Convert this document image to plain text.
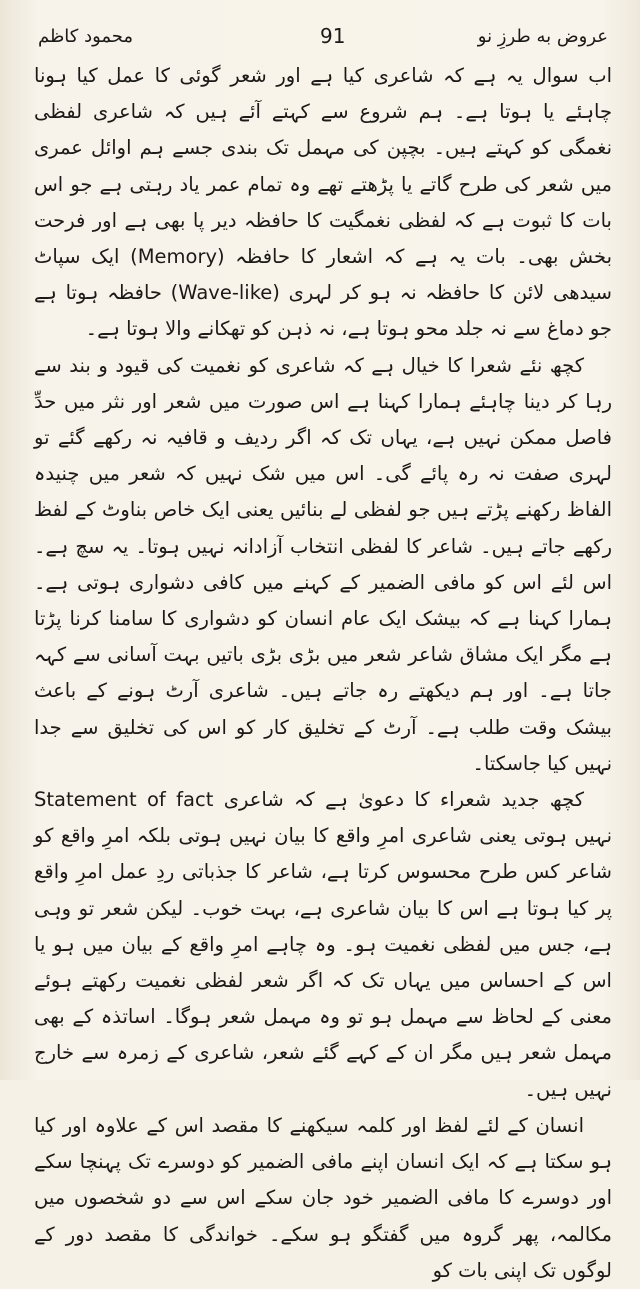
محمود کاظم	91	عروض به طرزِ نو
اب سوال یہ ہے کہ شاعری کیا ہے اور شعر گوئی کا عمل کیا ہونا چاہئے یا ہوتا ہے۔ ہم شروع سے کہتے آئے ہیں کہ شاعری لفظی نغمگی کو کہتے ہیں۔ بچپن کی مہمل تک بندی جسے ہم اوائل عمری میں شعر کی طرح گاتے یا پڑھتے تھے وہ تمام عمر یاد رہتی ہے جو اس بات کا ثبوت ہے کہ لفظی نغمگیت کا حافظہ دیر پا بھی ہے اور فرحت بخش بھی۔ بات یہ ہے کہ اشعار کا حافظہ (Memory) ایک سپاٹ سیدھی لائن کا حافظہ نہ ہو کر لہری (Wave-like) حافظہ ہوتا ہے جو دماغ سے نہ جلد محو ہوتا ہے، نہ ذہن کو تھکانے والا ہوتا ہے۔
کچھ نئے شعرا کا خیال ہے کہ شاعری کو نغمیت کی قیود و بند سے رہا کر دینا چاہئے ہمارا کہنا ہے اس صورت میں شعر اور نثر میں حدِّ فاصل ممکن نہیں ہے، یہاں تک کہ اگر ردیف و قافیہ نہ رکھے گئے تو لہری صفت نہ رہ پائے گی۔ اس میں شک نہیں کہ شعر میں چنیدہ الفاظ رکھنے پڑتے ہیں جو لفظی لے بنائیں یعنی ایک خاص بناوٹ کے لفظ رکھے جاتے ہیں۔ شاعر کا لفظی انتخاب آزادانہ نہیں ہوتا۔ یہ سچ ہے۔ اس لئے اس کو مافی الضمیر کے کہنے میں کافی دشواری ہوتی ہے۔ ہمارا کہنا ہے کہ بیشک ایک عام انسان کو دشواری کا سامنا کرنا پڑتا ہے مگر ایک مشاق شاعر شعر میں بڑی بڑی باتیں بہت آسانی سے کہہ جاتا ہے۔ اور ہم دیکھتے رہ جاتے ہیں۔ شاعری آرٹ ہونے کے باعث بیشک وقت طلب ہے۔ آرٹ کے تخلیق کار کو اس کی تخلیق سے جدا نہیں کیا جاسکتا۔
کچھ جدید شعراء کا دعویٰ ہے کہ شاعری Statement of fact نہیں ہوتی یعنی شاعری امرِ واقع کا بیان نہیں ہوتی بلکہ امرِ واقع کو شاعر کس طرح محسوس کرتا ہے، شاعر کا جذباتی ردِ عمل امرِ واقع پر کیا ہوتا ہے اس کا بیان شاعری ہے، بہت خوب۔ لیکن شعر تو وہی ہے، جس میں لفظی نغمیت ہو۔ وہ چاہے امرِ واقع کے بیان میں ہو یا اس کے احساس میں یہاں تک کہ اگر شعر لفظی نغمیت رکھتے ہوئے معنی کے لحاظ سے مہمل ہو تو وہ مہمل شعر ہوگا۔ اساتذہ کے بھی مہمل شعر ہیں مگر ان کے کہے گئے شعر، شاعری کے زمرہ سے خارج نہیں ہیں۔
انسان کے لئے لفظ اور کلمہ سیکھنے کا مقصد اس کے علاوہ اور کیا ہو سکتا ہے کہ ایک انسان اپنے مافی الضمیر کو دوسرے تک پہنچا سکے اور دوسرے کا مافی الضمیر خود جان سکے اس سے دو شخصوں میں مکالمہ، پھر گروہ میں گفتگو ہو سکے۔ خواندگی کا مقصد دور کے لوگوں تک اپنی بات کو
